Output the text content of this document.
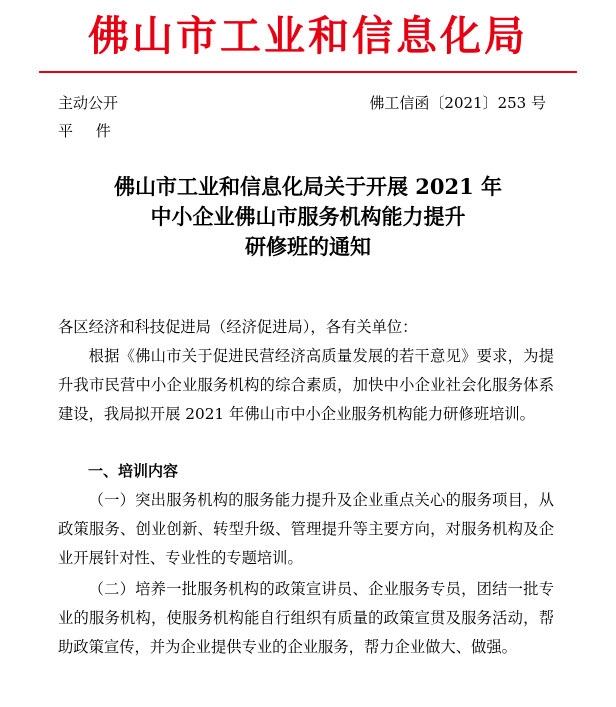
佛山市工业和信息化局
主动公开
平 件
佛工信函〔2021〕253 号
佛山市工业和信息化局关于开展 2021 年
中小企业佛山市服务机构能力提升
研修班的通知
各区经济和科技促进局（经济促进局），各有关单位：
根据《佛山市关于促进民营经济高质量发展的若干意见》要求，为提升我市民营中小企业服务机构的综合素质，加快中小企业社会化服务体系建设，我局拟开展 2021 年佛山市中小企业服务机构能力研修班培训。
一、培训内容
（一）突出服务机构的服务能力提升及企业重点关心的服务项目，从政策服务、创业创新、转型升级、管理提升等主要方向，对服务机构及企业开展针对性、专业性的专题培训。
（二）培养一批服务机构的政策宣讲员、企业服务专员，团结一批专业的服务机构，使服务机构能自行组织有质量的政策宣贯及服务活动，帮助政策宣传，并为企业提供专业的企业服务，帮力企业做大、做强。
